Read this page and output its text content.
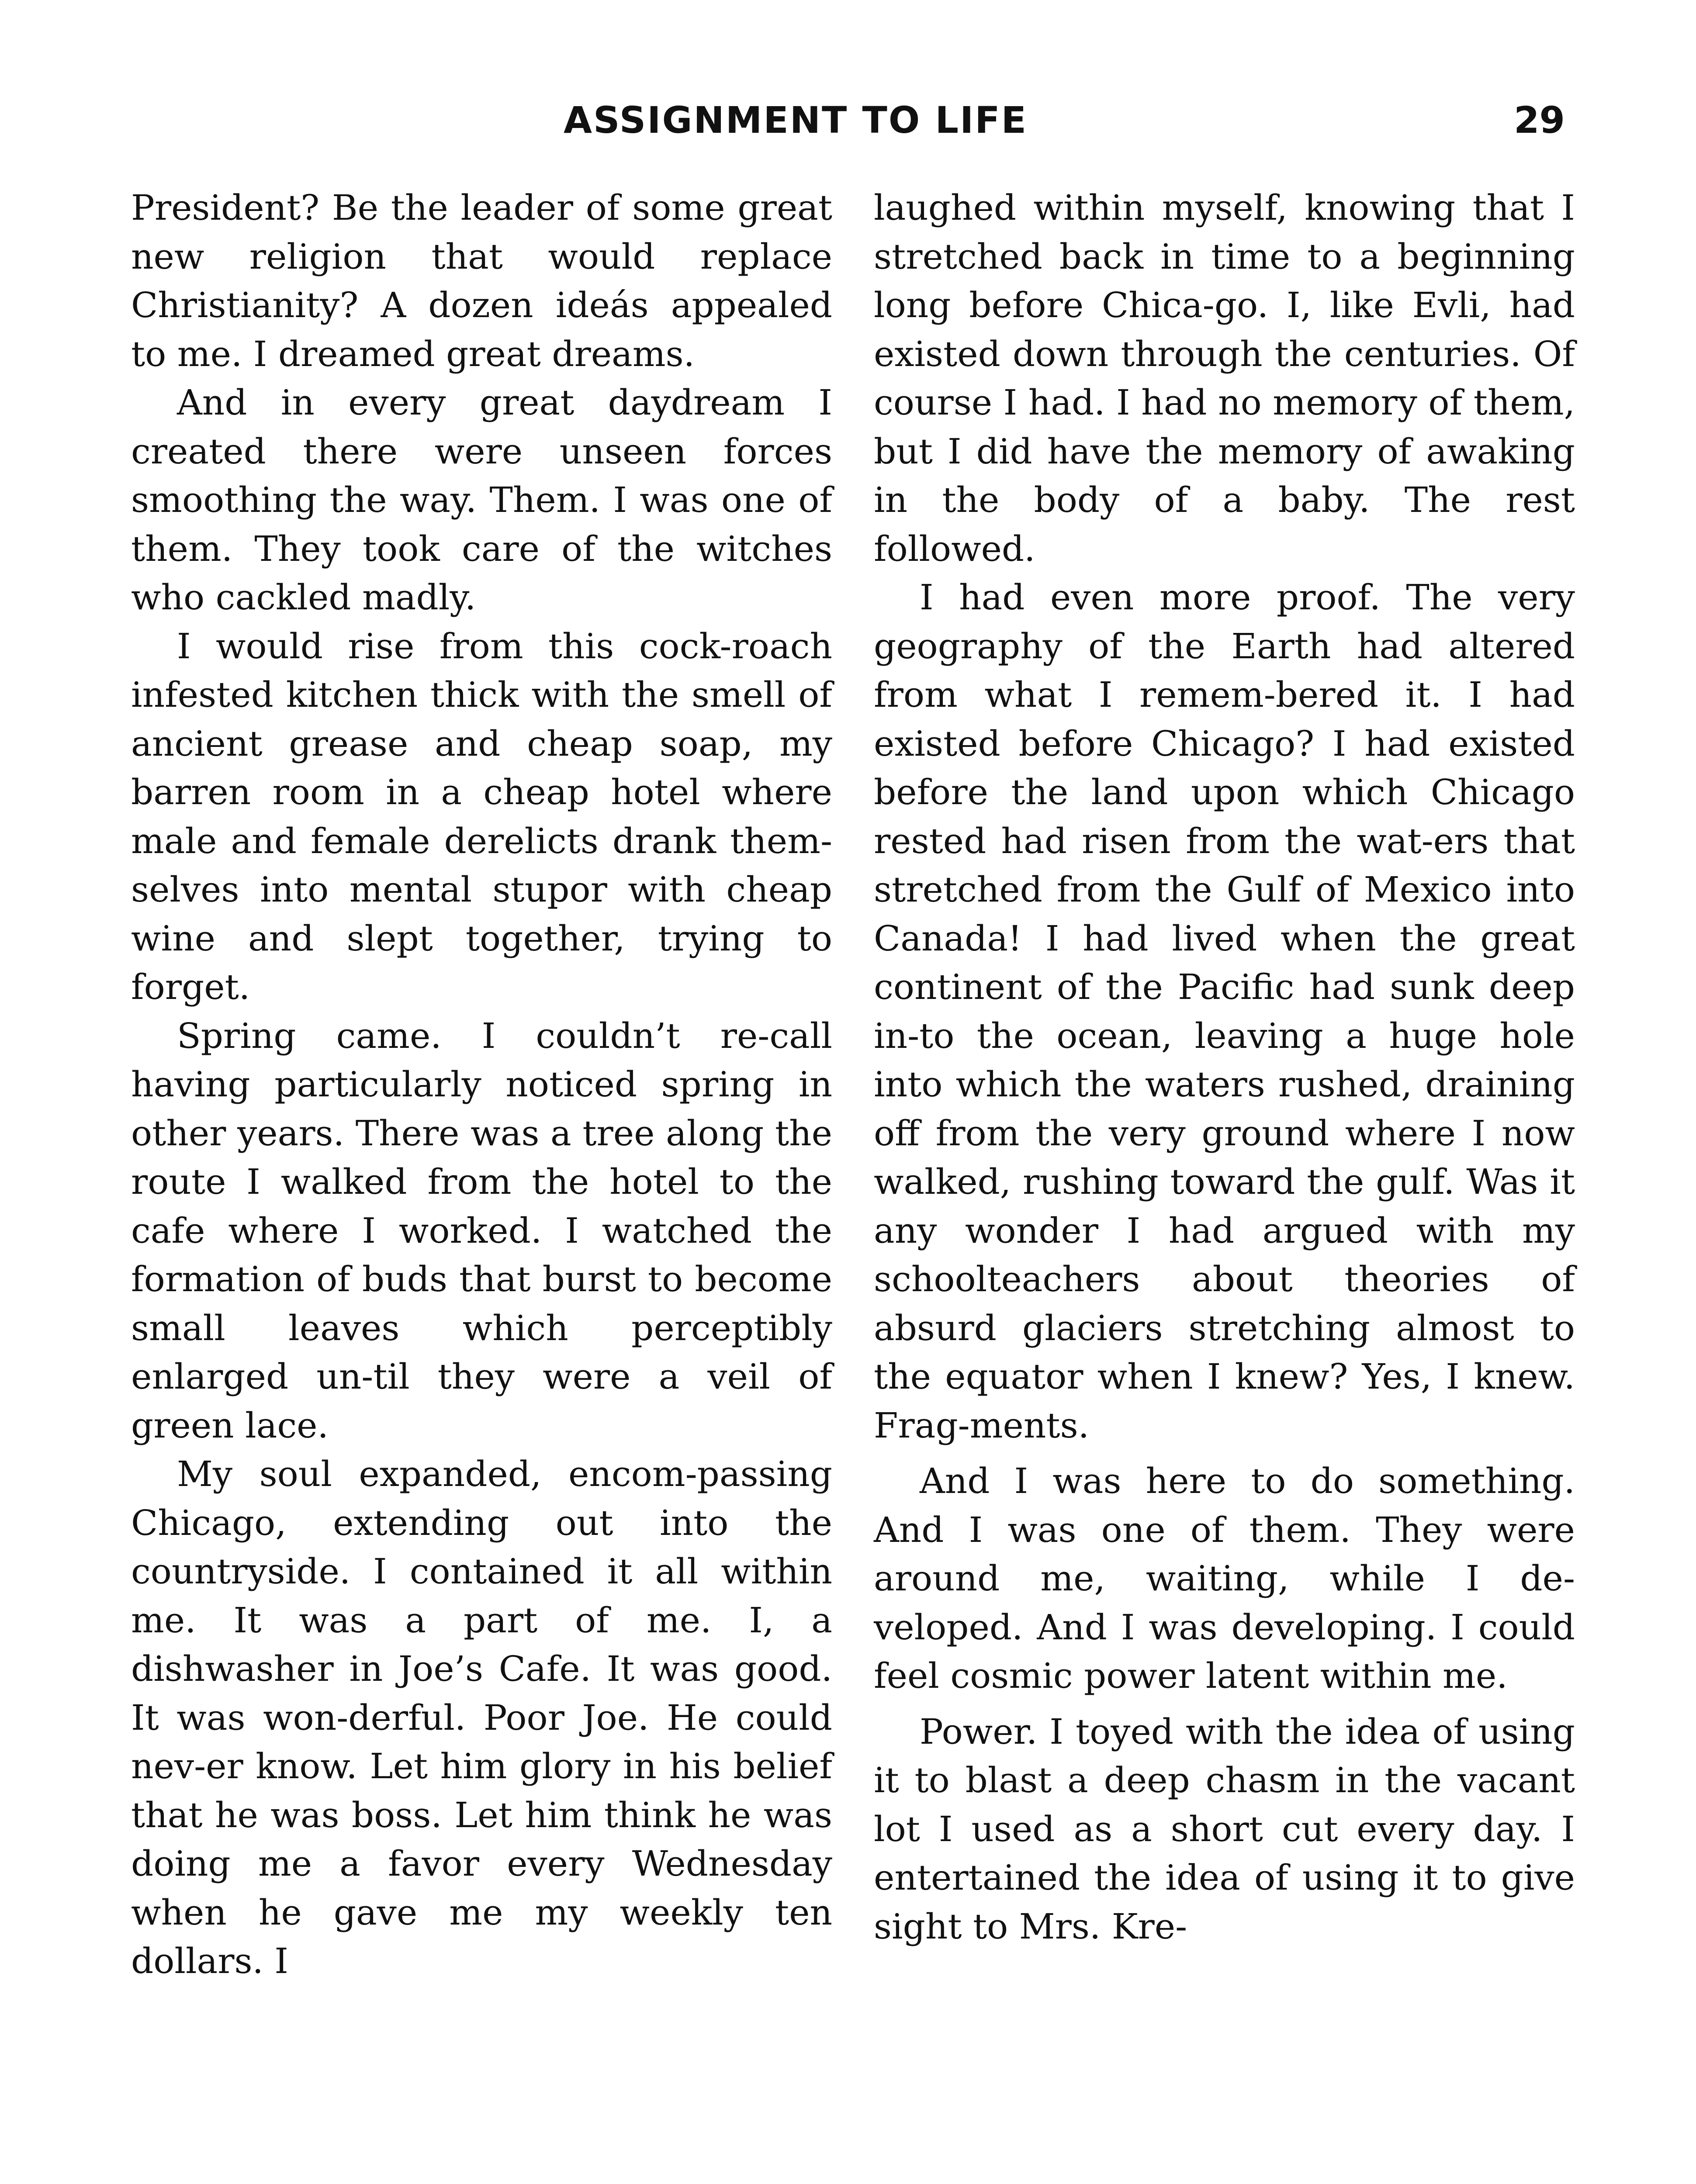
ASSIGNMENT TO LIFE	29

President? Be the leader of some great new religion that would replace Christianity? A dozen ideás appealed to me. I dreamed great dreams.

And in every great daydream I created there were unseen forces smoothing the way. Them. I was one of them. They took care of the witches who cackled madly.

I would rise from this cock-roach infested kitchen thick with the smell of ancient grease and cheap soap, my barren room in a cheap hotel where male and female derelicts drank them-selves into mental stupor with cheap wine and slept together, trying to forget.

Spring came. I couldn’t re-call having particularly noticed spring in other years. There was a tree along the route I walked from the hotel to the cafe where I worked. I watched the formation of buds that burst to become small leaves which perceptibly enlarged un-til they were a veil of green lace.

My soul expanded, encom-passing Chicago, extending out into the countryside. I contained it all within me. It was a part of me. I, a dishwasher in Joe’s Cafe. It was good. It was won-derful. Poor Joe. He could nev-er know. Let him glory in his belief that he was boss. Let him think he was doing me a favor every Wednesday when he gave me my weekly ten dollars. I

laughed within myself, knowing that I stretched back in time to a beginning long before Chica-go. I, like Evli, had existed down through the centuries. Of course I had. I had no memory of them, but I did have the memory of awaking in the body of a baby. The rest followed.

I had even more proof. The very geography of the Earth had altered from what I remem-bered it. I had existed before Chicago? I had existed before the land upon which Chicago rested had risen from the wat-ers that stretched from the Gulf of Mexico into Canada! I had lived when the great continent of the Pacific had sunk deep in-to the ocean, leaving a huge hole into which the waters rushed, draining off from the very ground where I now walked, rushing toward the gulf. Was it any wonder I had argued with my schoolteachers about theories of absurd glaciers stretching almost to the equator when I knew? Yes, I knew. Frag-ments.

And I was here to do something. And I was one of them. They were around me, waiting, while I de-veloped. And I was developing. I could feel cosmic power latent within me.

Power. I toyed with the idea of using it to blast a deep chasm in the vacant lot I used as a short cut every day. I entertained the idea of using it to give sight to Mrs. Kre-
